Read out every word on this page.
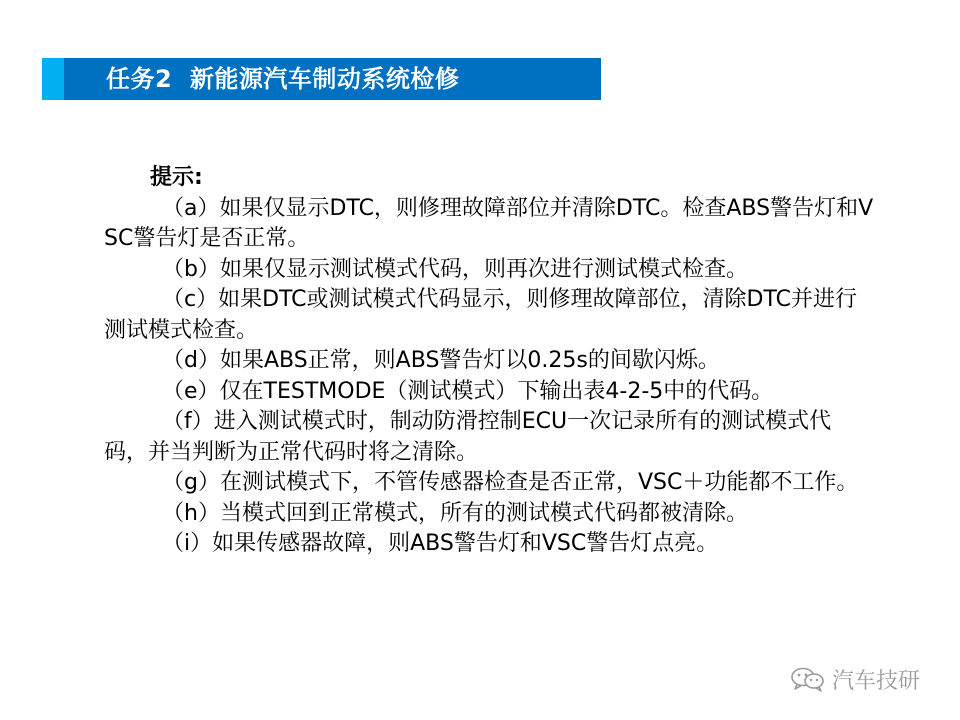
任务2  新能源汽车制动系统检修

提示:

（a）如果仅显示DTC，则修理故障部位并清除DTC。检查ABS警告灯和VSC警告灯是否正常。

（b）如果仅显示测试模式代码，则再次进行测试模式检查。

（c）如果DTC或测试模式代码显示，则修理故障部位，清除DTC并进行测试模式检查。

（d）如果ABS正常，则ABS警告灯以0.25s的间歇闪烁。

（e）仅在TESTMODE（测试模式）下输出表4-2-5中的代码。

（f）进入测试模式时，制动防滑控制ECU一次记录所有的测试模式代码，并当判断为正常代码时将之清除。

（g）在测试模式下，不管传感器检查是否正常，VSC＋功能都不工作。

（h）当模式回到正常模式，所有的测试模式代码都被清除。

（i）如果传感器故障，则ABS警告灯和VSC警告灯点亮。

汽车技研
